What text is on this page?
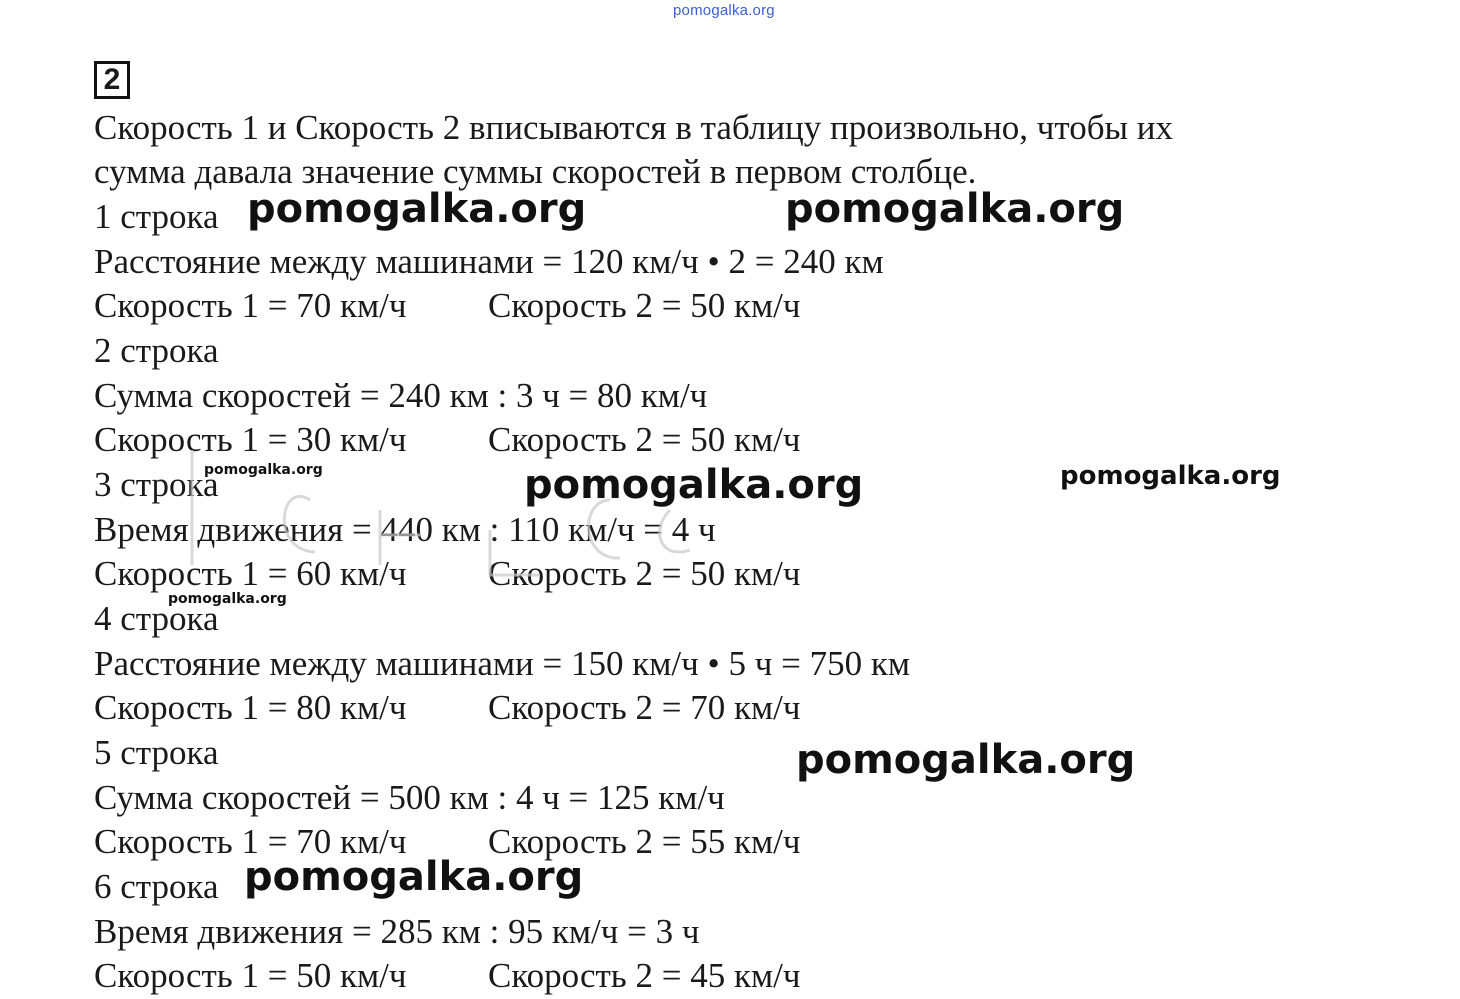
pomogalka.org
2
Скорость 1 и Скорость 2 вписываются в таблицу произвольно, чтобы их
сумма давала значение суммы скоростей в первом столбце.
1 строка
Расстояние между машинами = 120 км/ч • 2 = 240 км
Скорость 1 = 70 км/ч Скорость 2 = 50 км/ч
2 строка
Сумма скоростей = 240 км : 3 ч = 80 км/ч
Скорость 1 = 30 км/ч Скорость 2 = 50 км/ч
3 строка
Время движения = 440 км : 110 км/ч = 4 ч
Скорость 1 = 60 км/ч Скорость 2 = 50 км/ч
4 строка
Расстояние между машинами = 150 км/ч • 5 ч = 750 км
Скорость 1 = 80 км/ч Скорость 2 = 70 км/ч
5 строка
Сумма скоростей = 500 км : 4 ч = 125 км/ч
Скорость 1 = 70 км/ч Скорость 2 = 55 км/ч
6 строка
Время движения = 285 км : 95 км/ч = 3 ч
Скорость 1 = 50 км/ч Скорость 2 = 45 км/ч
pomogalka.org	pomogalka.org
pomogalka.org	pomogalka.org	pomogalka.org
pomogalka.org
pomogalka.org
pomogalka.org
